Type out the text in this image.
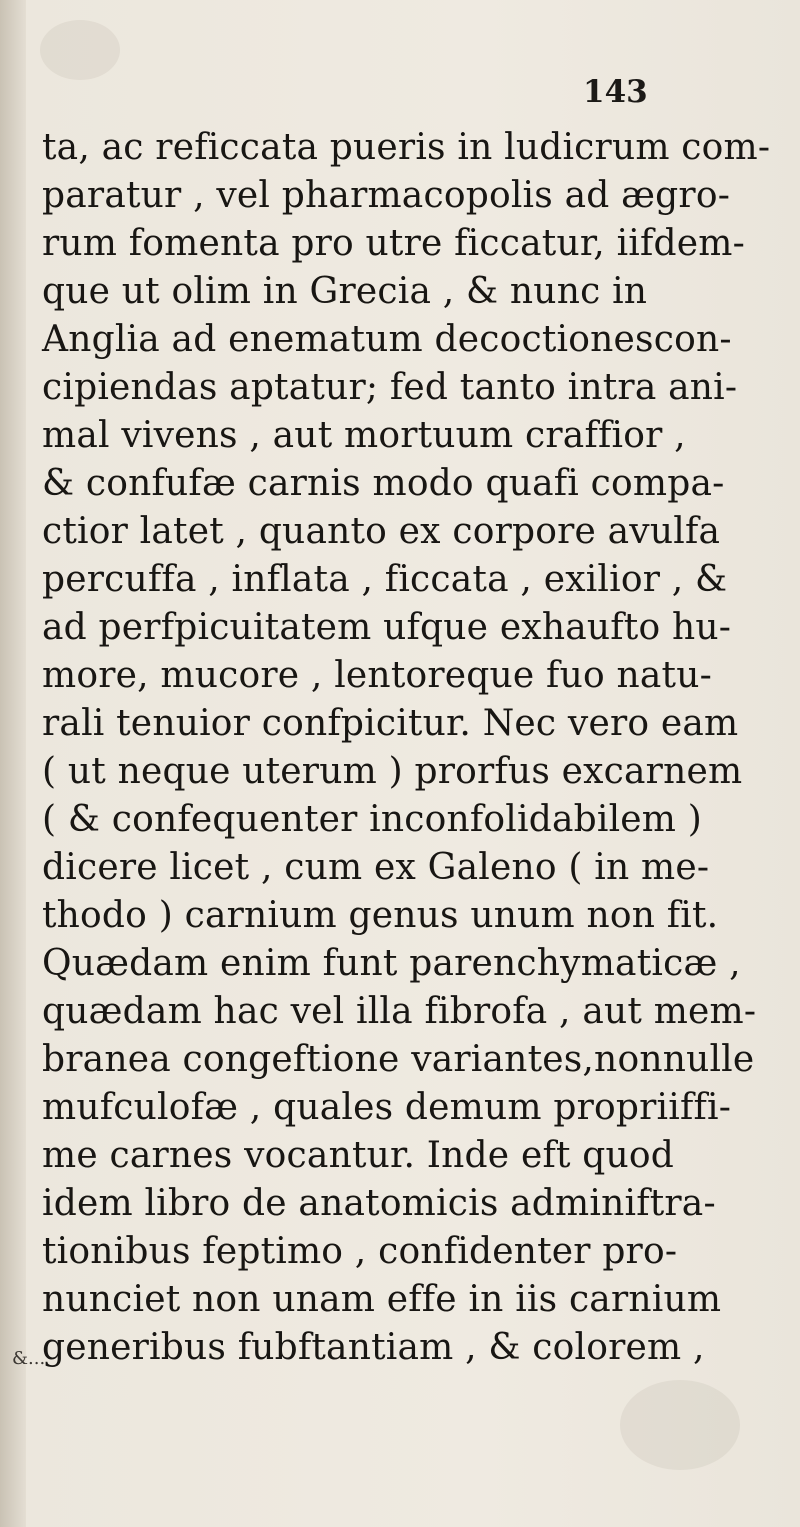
143
ta, ac reficcata pueris in ludicrum com-
paratur , vel pharmacopolis ad ægro-
rum fomenta pro utre ficcatur, iifdem-
que ut olim in Grecia , & nunc in
Anglia ad enematum decoctionescon-
cipiendas aptatur; fed tanto intra ani-
mal vivens , aut mortuum craffior ,
& confufæ carnis modo quafi compa-
ctior latet , quanto ex corpore avulfa
percuffa , inflata , ficcata , exilior , &
ad perfpicuitatem ufque exhaufto hu-
more, mucore , lentoreque fuo natu-
rali tenuior confpicitur. Nec vero eam
( ut neque uterum ) prorfus excarnem
( & confequenter inconfolidabilem )
dicere licet , cum ex Galeno ( in me-
thodo ) carnium genus unum non fit.
Quædam enim funt parenchymaticæ ,
quædam hac vel illa fibrofa , aut mem-
branea congeftione variantes,nonnulle
mufculofæ , quales demum propriiffi-
me carnes vocantur. Inde eft quod
idem libro de anatomicis adminiftra-
tionibus feptimo , confidenter pro-
nunciet non unam effe in iis carnium
generibus fubftantiam , & colorem ,
&...
